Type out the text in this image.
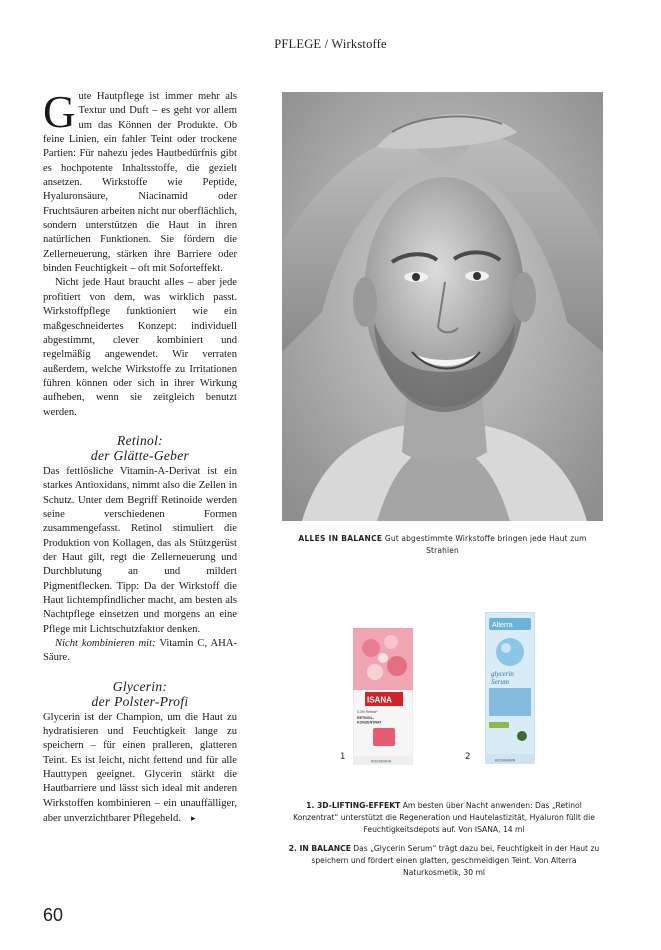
PFLEGE / Wirkstoffe

Gute Hautpflege ist immer mehr als Textur und Duft – es geht vor allem um das Können der Produkte. Ob feine Linien, ein fahler Teint oder trockene Partien: Für nahezu jedes Hautbedürfnis gibt es hochpotente Inhaltsstoffe, die gezielt ansetzen. Wirkstoffe wie Peptide, Hyaluronsäure, Niacinamid oder Fruchtsäuren arbeiten nicht nur oberflächlich, sondern unterstützen die Haut in ihren natürlichen Funktionen. Sie fördern die Zellerneuerung, stärken ihre Barriere oder binden Feuchtigkeit – oft mit Soforteffekt.

Nicht jede Haut braucht alles – aber jede profitiert von dem, was wirklich passt. Wirkstoffpflege funktioniert wie ein maßgeschneidertes Konzept: individuell abgestimmt, clever kombiniert und regelmäßig angewendet. Wir verraten außerdem, welche Wirkstoffe zu Irritationen führen können oder sich in ihrer Wirkung aufheben, wenn sie zeitgleich benutzt werden.

Retinol:
der Glätte-Geber

Das fettlösliche Vitamin-A-Derivat ist ein starkes Antioxidans, nimmt also die Zellen in Schutz. Unter dem Begriff Retinoide werden seine verschiedenen Formen zusammengefasst. Retinol stimuliert die Produktion von Kollagen, das als Stützgerüst der Haut gilt, regt die Zellerneuerung und Durchblutung an und mildert Pigmentflecken. Tipp: Da der Wirkstoff die Haut lichtempfindlicher macht, am besten als Nachtpflege einsetzen und morgens an eine Pflege mit Lichtschutzfaktor denken.

Nicht kombinieren mit: Vitamin C, AHA-Säure.

Glycerin:
der Polster-Profi

Glycerin ist der Champion, um die Haut zu hydratisieren und Feuchtigkeit lange zu speichern – für einen pralleren, glatteren Teint. Es ist leicht, nicht fettend und für alle Hauttypen geeignet. Glycerin stärkt die Hautbarriere und lässt sich ideal mit anderen Wirkstoffen kombinieren – ein unauffälliger, aber unverzichtbarer Pflegeheld. ▸

ALLES IN BALANCE Gut abgestimmte Wirkstoffe bringen jede Haut zum Strahlen
ISANA
0,3% Retinol*
RETINOL-
KONZENTRAT
ROSSMANN
1
Alterra
glycerin
Serum
ROSSMANN
2

1. 3D-LIFTING-EFFEKT Am besten über Nacht anwenden: Das „Retinol Konzentrat“ unterstützt die Regeneration und Hautelastizität, Hyaluron füllt die Feuchtigkeitsdepots auf. Von ISANA, 14 ml

2. IN BALANCE Das „Glycerin Serum“ trägt dazu bei, Feuchtigkeit in der Haut zu speichern und fördert einen glatten, geschmeidigen Teint. Von Alterra Naturkosmetik, 30 ml

60
